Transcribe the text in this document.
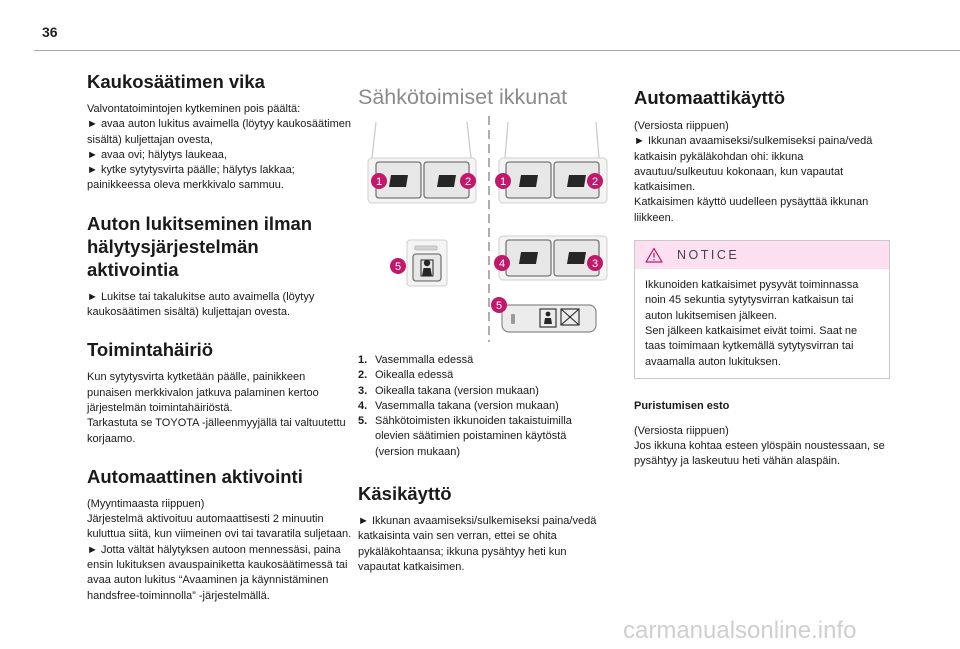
36
Kaukosäätimen vika

Valvontatoimintojen kytkeminen pois päältä:
► avaa auton lukitus avaimella (löytyy kaukosäätimen sisältä) kuljettajan ovesta,
► avaa ovi; hälytys laukeaa,
► kytke sytytysvirta päälle; hälytys lakkaa; painikkeessa oleva merkkivalo sammuu.

Auton lukitseminen ilman hälytysjärjestelmän aktivointia

► Lukitse tai takalukitse auto avaimella (löytyy kaukosäätimen sisältä) kuljettajan ovesta.

Toimintahäiriö

Kun sytytysvirta kytketään päälle, painikkeen punaisen merkkivalon jatkuva palaminen kertoo järjestelmän toimintahäiriöstä.
Tarkastuta se TOYOTA -jälleenmyyjällä tai valtuutettu korjaamo.

Automaattinen aktivointi

(Myyntimaasta riippuen)
Järjestelmä aktivoituu automaattisesti 2 minuutin kuluttua siitä, kun viimeinen ovi tai tavaratila suljetaan.
► Jotta vältät hälytyksen autoon mennessäsi, paina ensin lukituksen avauspainiketta kaukosäätimessä tai avaa auton lukitus “Avaaminen ja käynnistäminen handsfree-toiminnolla” -järjestelmällä.

Sähkötoimiset ikkunat
1	2	1	2
5	4	3
5
1. Vasemmalla edessä
2. Oikealla edessä
3. Oikealla takana (version mukaan)
4. Vasemmalla takana (version mukaan)
5. Sähkötoimisten ikkunoiden takaistuimilla olevien säätimien poistaminen käytöstä (version mukaan)
Käsikäyttö

► Ikkunan avaamiseksi/sulkemiseksi paina/vedä katkaisinta vain sen verran, ettei se ohita pykäläkohtaansa; ikkuna pysähtyy heti kun vapautat katkaisimen.

Automaattikäyttö

(Versiosta riippuen)
► Ikkunan avaamiseksi/sulkemiseksi paina/vedä katkaisin pykäläkohdan ohi: ikkuna avautuu/sulkeutuu kokonaan, kun vapautat katkaisimen.
Katkaisimen käyttö uudelleen pysäyttää ikkunan liikkeen.

NOTICE

Ikkunoiden katkaisimet pysyvät toiminnassa noin 45 sekuntia sytytysvirran katkaisun tai auton lukitsemisen jälkeen.
Sen jälkeen katkaisimet eivät toimi. Saat ne taas toimimaan kytkemällä sytytysvirran tai avaamalla auton lukituksen.

Puristumisen esto

(Versiosta riippuen)
Jos ikkuna kohtaa esteen ylöspäin noustessaan, se pysähtyy ja laskeutuu heti vähän alaspäin.

carmanualsonline.info
